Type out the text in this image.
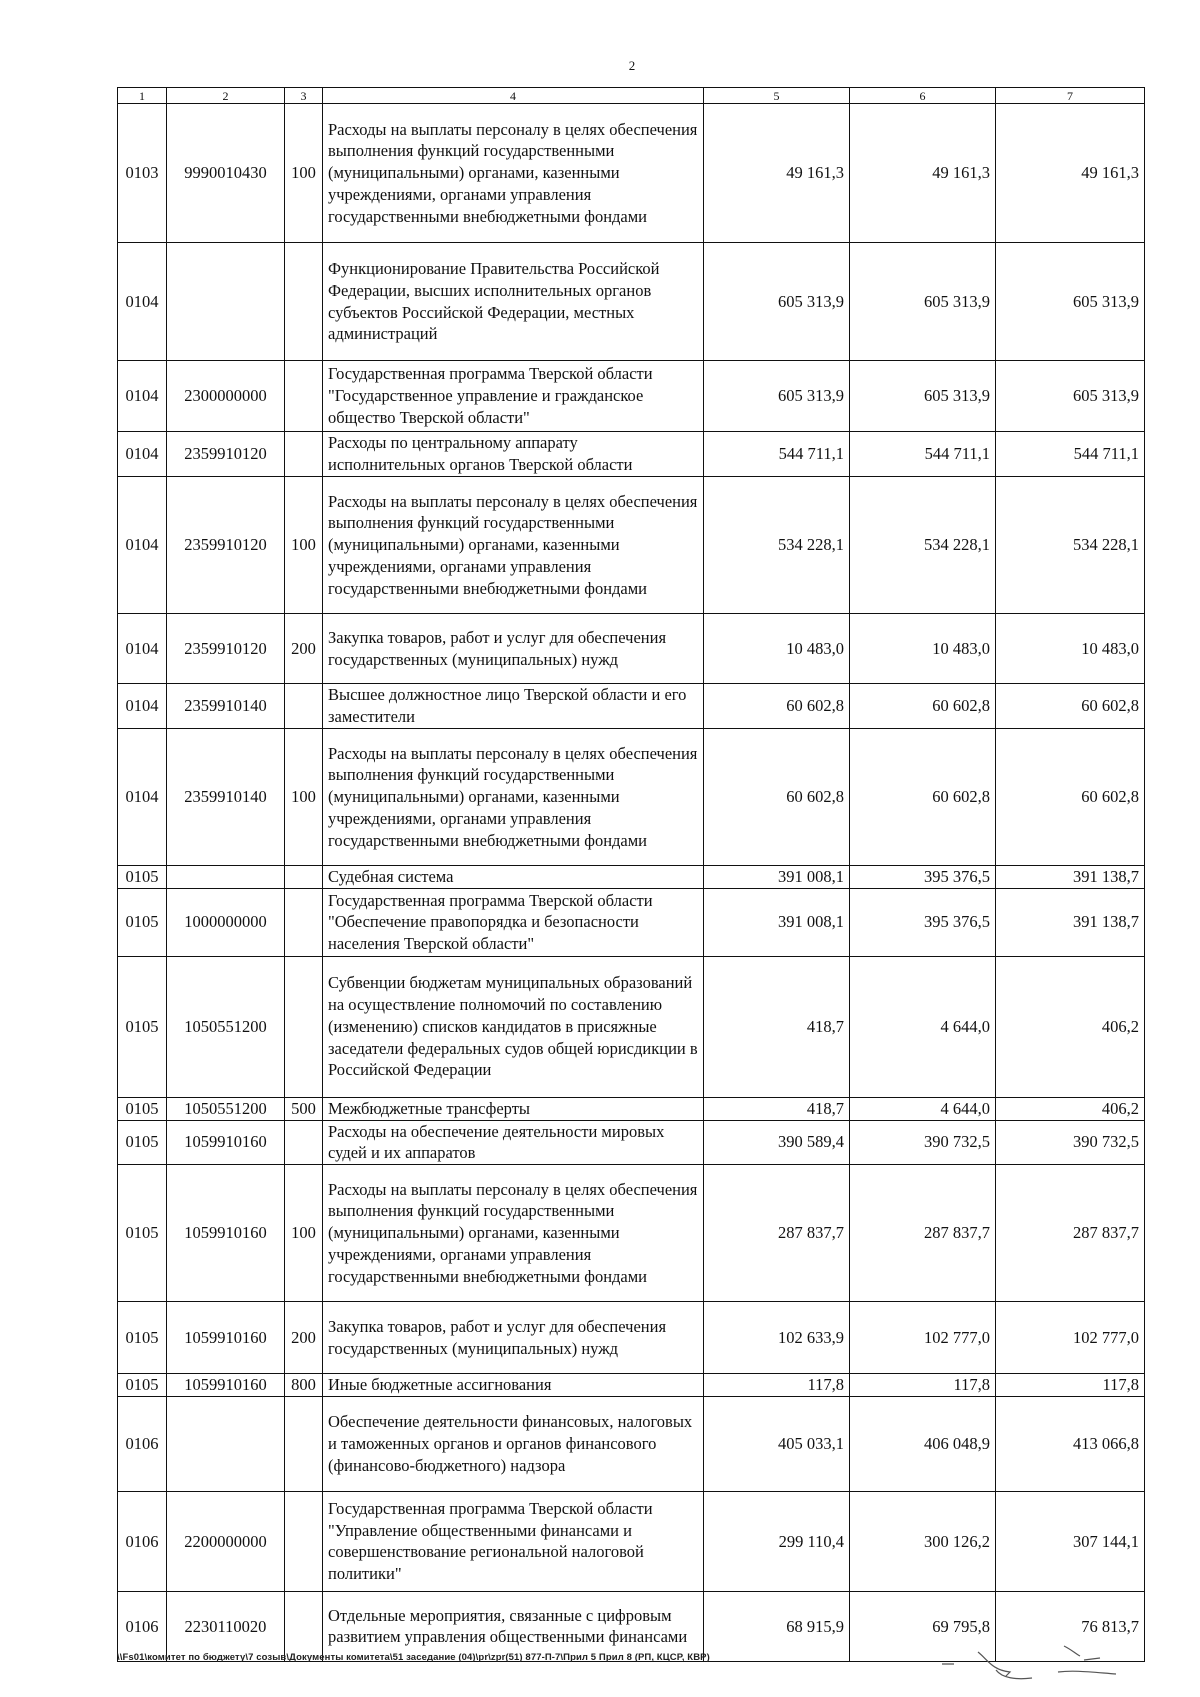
2
1	2	3	4	5	6	7
0103	9990010430	100	Расходы на выплаты персоналу в целях обеспечения выполнения функций государственными (муниципальными) органами, казенными учреждениями, органами управления государственными внебюджетными фондами	49 161,3	49 161,3	49 161,3
0104			Функционирование Правительства Российской Федерации, высших исполнительных органов субъектов Российской Федерации, местных администраций	605 313,9	605 313,9	605 313,9
0104	2300000000		Государственная программа Тверской области "Государственное управление и гражданское общество Тверской области"	605 313,9	605 313,9	605 313,9
0104	2359910120		Расходы по центральному аппарату исполнительных органов Тверской области	544 711,1	544 711,1	544 711,1
0104	2359910120	100	Расходы на выплаты персоналу в целях обеспечения выполнения функций государственными (муниципальными) органами, казенными учреждениями, органами управления государственными внебюджетными фондами	534 228,1	534 228,1	534 228,1
0104	2359910120	200	Закупка товаров, работ и услуг для обеспечения государственных (муниципальных) нужд	10 483,0	10 483,0	10 483,0
0104	2359910140		Высшее должностное лицо Тверской области и его заместители	60 602,8	60 602,8	60 602,8
0104	2359910140	100	Расходы на выплаты персоналу в целях обеспечения выполнения функций государственными (муниципальными) органами, казенными учреждениями, органами управления государственными внебюджетными фондами	60 602,8	60 602,8	60 602,8
0105			Судебная система	391 008,1	395 376,5	391 138,7
0105	1000000000		Государственная программа Тверской области "Обеспечение правопорядка и безопасности населения Тверской области"	391 008,1	395 376,5	391 138,7
0105	1050551200		Субвенции бюджетам муниципальных образований на осуществление полномочий по составлению (изменению) списков кандидатов в присяжные заседатели федеральных судов общей юрисдикции в Российской Федерации	418,7	4 644,0	406,2
0105	1050551200	500	Межбюджетные трансферты	418,7	4 644,0	406,2
0105	1059910160		Расходы на обеспечение деятельности мировых судей и их аппаратов	390 589,4	390 732,5	390 732,5
0105	1059910160	100	Расходы на выплаты персоналу в целях обеспечения выполнения функций государственными (муниципальными) органами, казенными учреждениями, органами управления государственными внебюджетными фондами	287 837,7	287 837,7	287 837,7
0105	1059910160	200	Закупка товаров, работ и услуг для обеспечения государственных (муниципальных) нужд	102 633,9	102 777,0	102 777,0
0105	1059910160	800	Иные бюджетные ассигнования	117,8	117,8	117,8
0106			Обеспечение деятельности финансовых, налоговых и таможенных органов и органов финансового (финансово-бюджетного) надзора	405 033,1	406 048,9	413 066,8
0106	2200000000		Государственная программа Тверской области "Управление общественными финансами и совершенствование региональной налоговой политики"	299 110,4	300 126,2	307 144,1
0106	2230110020		Отдельные мероприятия, связанные с цифровым развитием управления общественными финансами	68 915,9	69 795,8	76 813,7
\\Fs01\комитет по бюджету\7 созыв\Документы комитета\51 заседание (04)\pr\zpr(51) 877-П-7\Прил 5 Прил 8 (РП, КЦСР, КВР)
